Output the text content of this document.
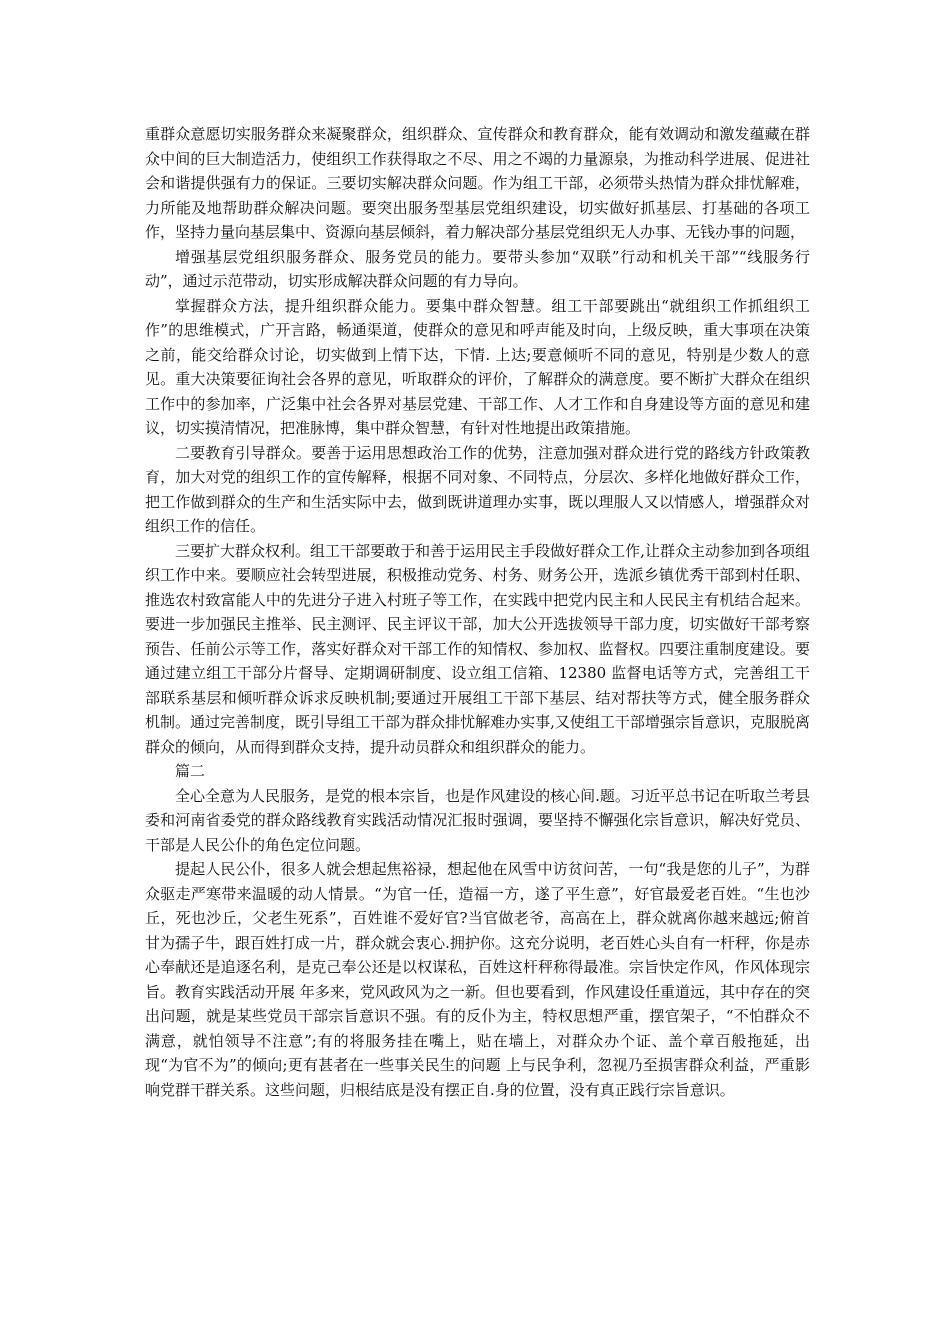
重群众意愿切实服务群众来凝聚群众，组织群众、宣传群众和教育群众，能有效调动和激发蕴藏在群众中间的巨大制造活力，使组织工作获得取之不尽、用之不竭的力量源泉，为推动科学进展、促进社会和谐提供强有力的保证。三要切实解决群众问题。作为组工干部，必须带头热情为群众排忧解难，力所能及地帮助群众解决问题。要突出服务型基层党组织建设，切实做好抓基层、打基础的各项工作，坚持力量向基层集中、资源向基层倾斜，着力解决部分基层党组织无人办事、无钱办事的问题，

增强基层党组织服务群众、服务党员的能力。要带头参加“双联”行动和机关干部”“线服务行动”，通过示范带动，切实形成解决群众问题的有力导向。

掌握群众方法，提升组织群众能力。要集中群众智慧。组工干部要跳出“就组织工作抓组织工作”的思维模式，广开言路，畅通渠道，使群众的意见和呼声能及时向，上级反映，重大事项在决策之前，能交给群众讨论，切实做到上情下达，下情. 上达;要意倾听不同的意见，特别是少数人的意见。重大决策要征询社会各界的意见，听取群众的评价，了解群众的满意度。要不断扩大群众在组织工作中的参加率，广泛集中社会各界对基层党建、干部工作、人才工作和自身建设等方面的意见和建议，切实摸清情况，把准脉博，集中群众智慧，有针对性地提出政策措施。

二要教育引导群众。要善于运用思想政治工作的优势，注意加强对群众进行党的路线方针政策教育，加大对党的组织工作的宣传解释，根据不同对象、不同特点，分层次、多样化地做好群众工作，把工作做到群众的生产和生活实际中去，做到既讲道理办实事，既以理服人又以情感人，增强群众对组织工作的信任。

三要扩大群众权利。组工干部要敢于和善于运用民主手段做好群众工作,让群众主动参加到各项组织工作中来。要顺应社会转型进展，积极推动党务、村务、财务公开，选派乡镇优秀干部到村任职、推选农村致富能人中的先进分子进入村班子等工作，在实践中把党内民主和人民民主有机结合起来。要进一步加强民主推举、民主测评、民主评议干部，加大公开选拔领导干部力度，切实做好干部考察预告、任前公示等工作，落实好群众对干部工作的知情权、参加权、监督权。四要注重制度建设。要通过建立组工干部分片督导、定期调研制度、设立组工信箱、12380 监督电话等方式，完善组工干部联系基层和倾听群众诉求反映机制;要通过开展组工干部下基层、结对帮扶等方式，健全服务群众机制。通过完善制度，既引导组工干部为群众排忧解难办实事,又使组工干部增强宗旨意识，克服脱离群众的倾向，从而得到群众支持，提升动员群众和组织群众的能力。

篇二

全心全意为人民服务，是党的根本宗旨，也是作风建设的核心间.题。习近平总书记在听取兰考县委和河南省委党的群众路线教育实践活动情况汇报时强调，要坚持不懈强化宗旨意识，解决好党员、干部是人民公仆的角色定位问题。

提起人民公仆，很多人就会想起焦裕禄，想起他在风雪中访贫问苦，一句“我是您的儿子”，为群众驱走严寒带来温暖的动人情景。“为官一任，造福一方，遂了平生意”，好官最爱老百姓。“生也沙丘，死也沙丘，父老生死系”，百姓谁不爱好官?当官做老爷，高高在上，群众就离你越来越远;俯首甘为孺子牛，跟百姓打成一片，群众就会衷心.拥护你。这充分说明，老百姓心头自有一杆秤，你是赤心奉献还是追逐名利，是克己奉公还是以权谋私，百姓这杆秤称得最准。宗旨快定作风，作风体现宗旨。教育实践活动开展 年多来，党风政风为之一新。但也要看到，作风建设任重道远，其中存在的突出问题，就是某些党员干部宗旨意识不强。有的反仆为主，特权思想严重，摆官架子，“不怕群众不满意，就怕领导不注意”;有的将服务挂在嘴上，贴在墙上，对群众办个证、盖个章百般拖延，出现“为官不为”的倾向;更有甚者在一些事关民生的问题 上与民争利，忽视乃至损害群众利益，严重影响党群干群关系。这些问题，归根结底是没有摆正自.身的位置，没有真正践行宗旨意识。
